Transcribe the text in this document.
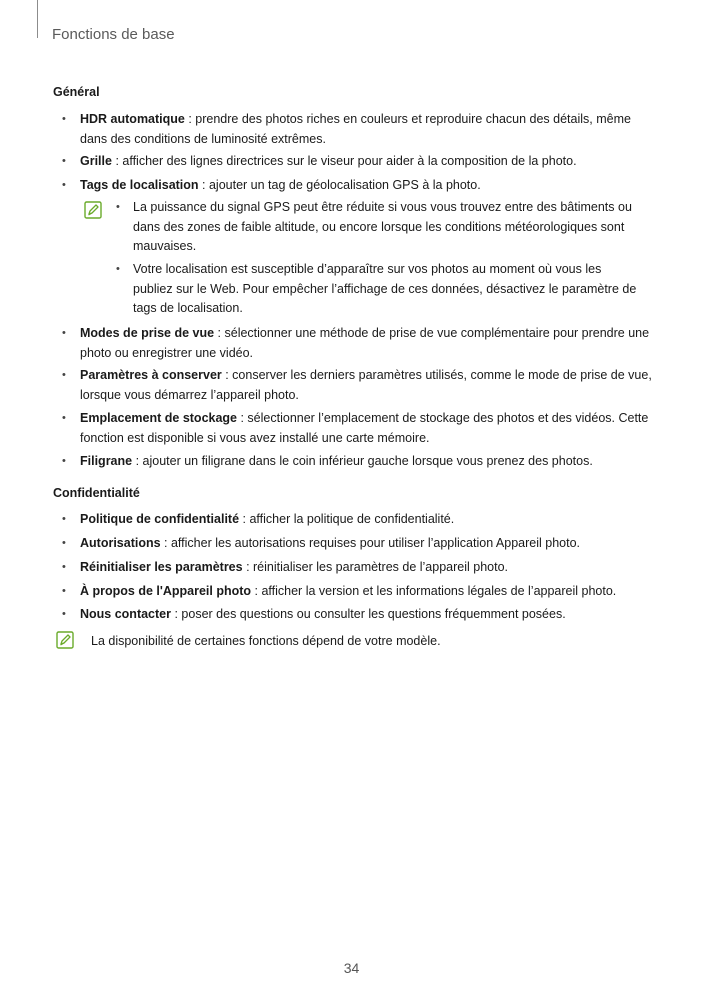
Fonctions de base
Général
• HDR automatique : prendre des photos riches en couleurs et reproduire chacun des détails, même dans des conditions de luminosité extrêmes.
• Grille : afficher des lignes directrices sur le viseur pour aider à la composition de la photo.
• Tags de localisation : ajouter un tag de géolocalisation GPS à la photo.
• La puissance du signal GPS peut être réduite si vous vous trouvez entre des bâtiments ou dans des zones de faible altitude, ou encore lorsque les conditions météorologiques sont mauvaises.
• Votre localisation est susceptible d’apparaître sur vos photos au moment où vous les publiez sur le Web. Pour empêcher l’affichage de ces données, désactivez le paramètre de tags de localisation.
• Modes de prise de vue : sélectionner une méthode de prise de vue complémentaire pour prendre une photo ou enregistrer une vidéo.
• Paramètres à conserver : conserver les derniers paramètres utilisés, comme le mode de prise de vue, lorsque vous démarrez l’appareil photo.
• Emplacement de stockage : sélectionner l’emplacement de stockage des photos et des vidéos. Cette fonction est disponible si vous avez installé une carte mémoire.
• Filigrane : ajouter un filigrane dans le coin inférieur gauche lorsque vous prenez des photos.
Confidentialité
• Politique de confidentialité : afficher la politique de confidentialité.
• Autorisations : afficher les autorisations requises pour utiliser l’application Appareil photo.
• Réinitialiser les paramètres : réinitialiser les paramètres de l’appareil photo.
• À propos de l'Appareil photo : afficher la version et les informations légales de l’appareil photo.
• Nous contacter : poser des questions ou consulter les questions fréquemment posées.
La disponibilité de certaines fonctions dépend de votre modèle.
34
